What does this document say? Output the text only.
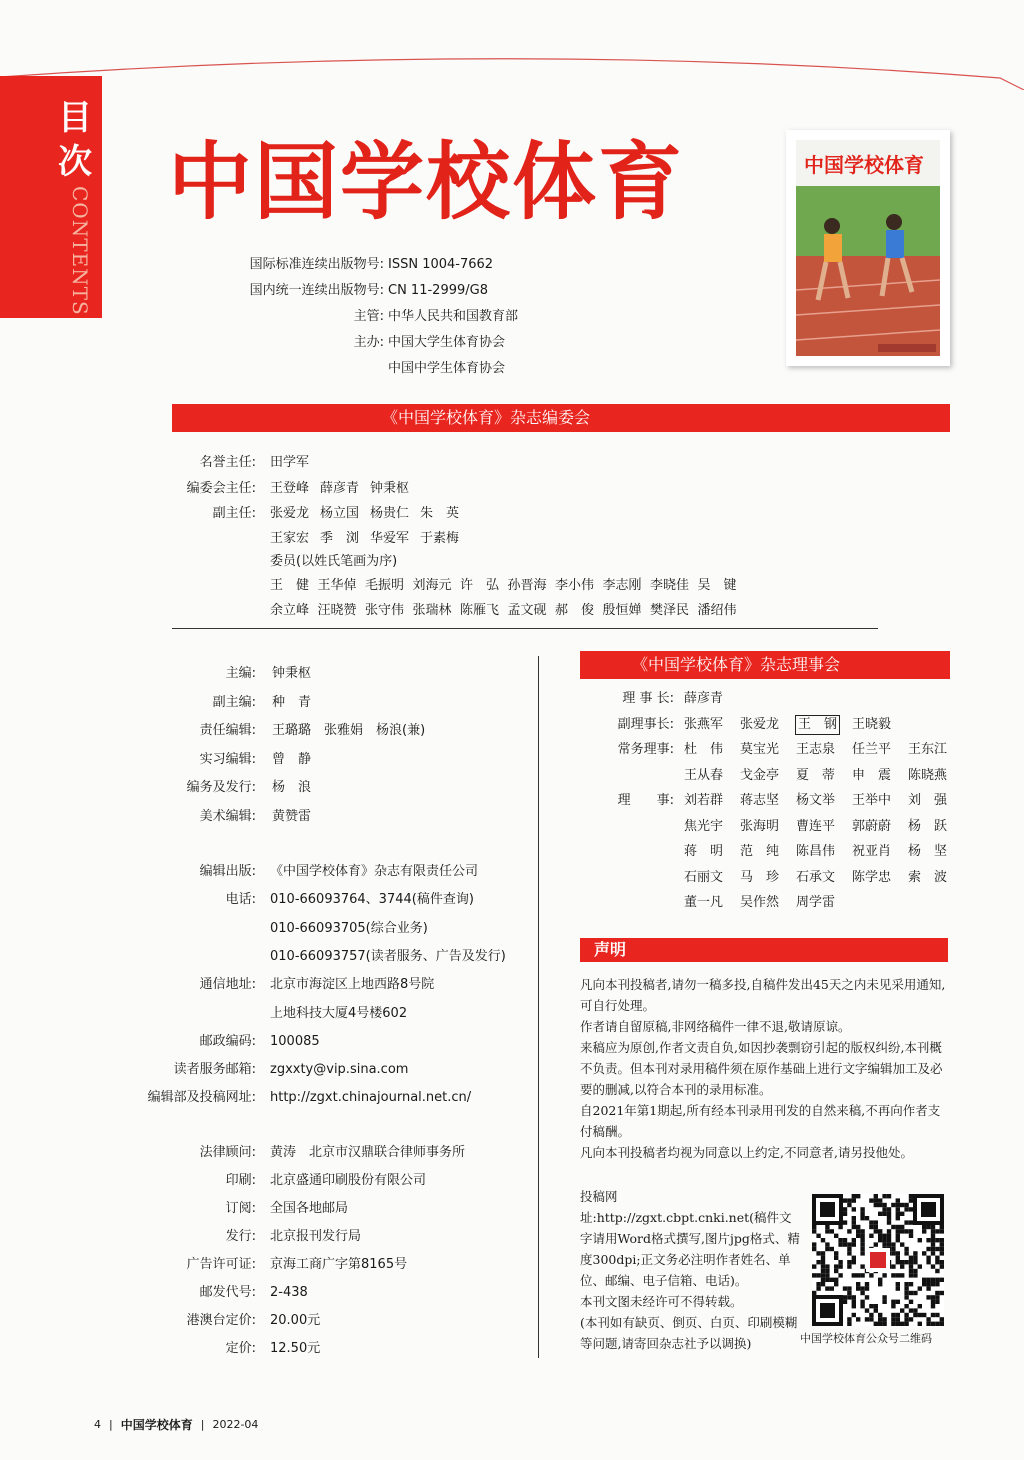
目次
CONTENTS
中国学校体育
国际标准连续出版物号: ISSN 1004-7662
国内统一连续出版物号: CN 11-2999/G8
主管: 中华人民共和国教育部
主办: 中国大学生体育协会
中国中学生体育协会
中国学校体育
《中国学校体育》杂志编委会
名誉主任: 田学军
编委会主任: 王登峰 薛彦青 钟秉枢
副主任: 张爱龙 杨立国 杨贵仁 朱　英
王家宏 季　浏 华爱军 于素梅
委员(以姓氏笔画为序)
王　健 王华倬 毛振明 刘海元 许　弘 孙晋海 李小伟 李志刚 李晓佳 吴　键
余立峰 汪晓赞 张守伟 张瑞林 陈雁飞 孟文砚 郝　俊 殷恒婵 樊泽民 潘绍伟
主编: 钟秉枢
副主编: 种　青
责任编辑: 王璐璐　张雅娟　杨浪(兼)
实习编辑: 曾　静
编务及发行: 杨　浪
美术编辑: 黄赞雷
编辑出版: 《中国学校体育》杂志有限责任公司
电话: 010-66093764、3744(稿件查询)
010-66093705(综合业务)
010-66093757(读者服务、广告及发行)
通信地址: 北京市海淀区上地西路8号院
上地科技大厦4号楼602
邮政编码: 100085
读者服务邮箱: zgxxty@vip.sina.com
编辑部及投稿网址: http://zgxt.chinajournal.net.cn/
法律顾问: 黄涛　北京市汉鼎联合律师事务所
印刷: 北京盛通印刷股份有限公司
订阅: 全国各地邮局
发行: 北京报刊发行局
广告许可证: 京海工商广字第8165号
邮发代号: 2-438
港澳台定价: 20.00元
定价: 12.50元
《中国学校体育》杂志理事会
理 事 长: 薛彦青
副理事长: 张燕军 张爱龙 王　钢 王晓毅
常务理事: 杜　伟 莫宝光 王志泉 任兰平 王东江
王从春 戈金亭 夏　蒂 申　震 陈晓燕
理　　事: 刘若群 蒋志坚 杨文举 王举中 刘　强
焦光宇 张海明 曹连平 郭蔚蔚 杨　跃
蒋　明 范　纯 陈昌伟 祝亚肖 杨　坚
石丽文 马　珍 石承文 陈学忠 索　波
董一凡 吴作然 周学雷
声明

凡向本刊投稿者,请勿一稿多投,自稿件发出45天之内未见采用通知,可自行处理。

作者请自留原稿,非网络稿件一律不退,敬请原谅。

来稿应为原创,作者文责自负,如因抄袭剽窃引起的版权纠纷,本刊概不负责。但本刊对录用稿件须在原作基础上进行文字编辑加工及必要的删减,以符合本刊的录用标准。

自2021年第1期起,所有经本刊录用刊发的自然来稿,不再向作者支付稿酬。

凡向本刊投稿者均视为同意以上约定,不同意者,请另投他处。

投稿网址:http://zgxt.cbpt.cnki.net(稿件文字请用Word格式撰写,图片jpg格式、精度300dpi;正文务必注明作者姓名、单位、邮编、电子信箱、电话)。

本刊文图未经许可不得转载。

(本刊如有缺页、倒页、白页、印刷模糊等问题,请寄回杂志社予以调换)	中国学校体育公众号二维码
4 | 中国学校体育 | 2022-04
